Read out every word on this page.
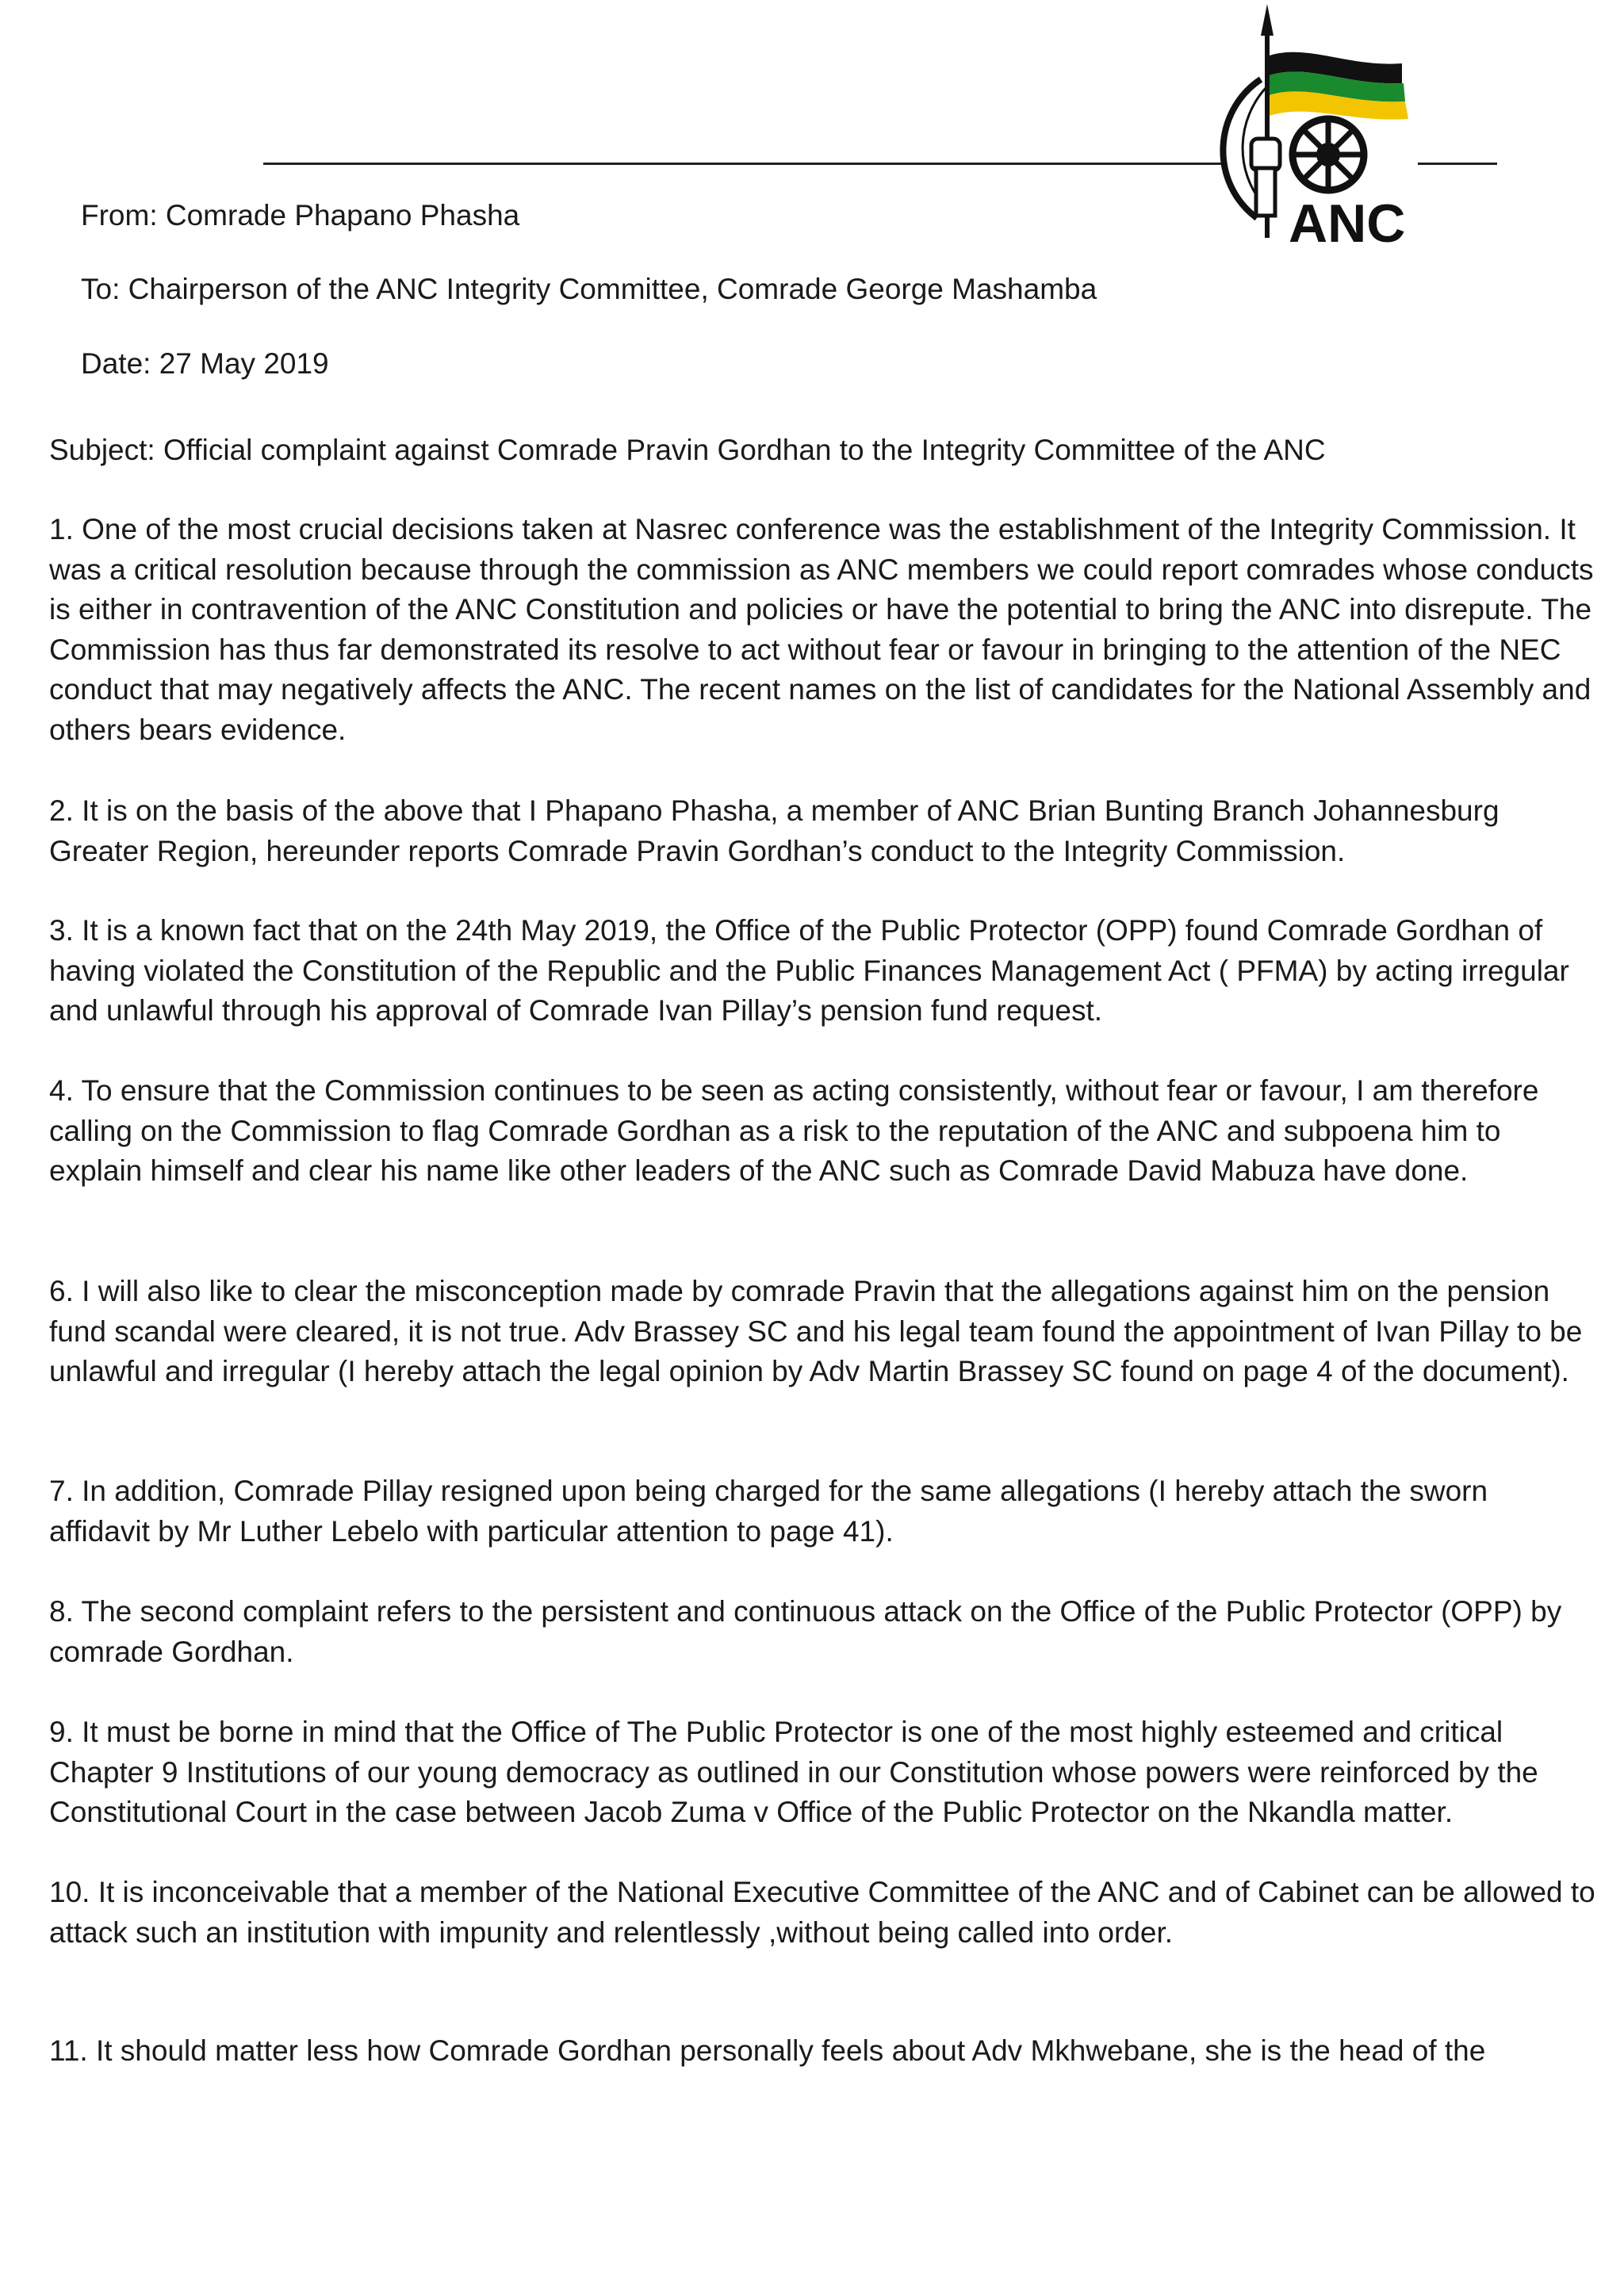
ANC
From: Comrade Phapano Phasha
To: Chairperson of the ANC Integrity Committee, Comrade George Mashamba
Date: 27 May 2019
Subject: Official complaint against Comrade Pravin Gordhan to the Integrity Committee of the ANC

1. One of the most crucial decisions taken at Nasrec conference was the establishment of the Integrity Commission. It was a critical resolution because through the commission as ANC members we could report comrades whose conducts is either in contravention of the ANC Constitution and policies or have the potential to bring the ANC into disrepute. The Commission has thus far demonstrated its resolve to act without fear or favour in bringing to the attention of the NEC conduct that may negatively affects the ANC. The recent names on the list of candidates for the National Assembly and others bears evidence.

2. It is on the basis of the above that I Phapano Phasha, a member of ANC Brian Bunting Branch Johannesburg Greater Region, hereunder reports Comrade Pravin Gordhan’s conduct to the Integrity Commission.

3. It is a known fact that on the 24th May 2019, the Office of the Public Protector (OPP) found Comrade Gordhan of having violated the Constitution of the Republic and the Public Finances Management Act ( PFMA) by acting irregular and unlawful through his approval of Comrade Ivan Pillay’s pension fund request.

4. To ensure that the Commission continues to be seen as acting consistently, without fear or favour, I am therefore calling on the Commission to flag Comrade Gordhan as a risk to the reputation of the ANC and subpoena him to explain himself and clear his name like other leaders of the ANC such as Comrade David Mabuza have done.

6. I will also like to clear the misconception made by comrade Pravin that the allegations against him on the pension fund scandal were cleared, it is not true. Adv Brassey SC and his legal team found the appointment of Ivan Pillay to be unlawful and irregular (I hereby attach the legal opinion by Adv Martin Brassey SC found on page 4 of the document).

7. In addition, Comrade Pillay resigned upon being charged for the same allegations (I hereby attach the sworn affidavit by Mr Luther Lebelo with particular attention to page 41).

8. The second complaint refers to the persistent and continuous attack on the Office of the Public Protector (OPP) by comrade Gordhan.

9. It must be borne in mind that the Office of The Public Protector is one of the most highly esteemed and critical Chapter 9 Institutions of our young democracy as outlined in our Constitution whose powers were reinforced by the Constitutional Court in the case between Jacob Zuma v Office of the Public Protector on the Nkandla matter.

10. It is inconceivable that a member of the National Executive Committee of the ANC and of Cabinet can be allowed to attack such an institution with impunity and relentlessly ,without being called into order.

11. It should matter less how Comrade Gordhan personally feels about Adv Mkhwebane, she is the head of the
